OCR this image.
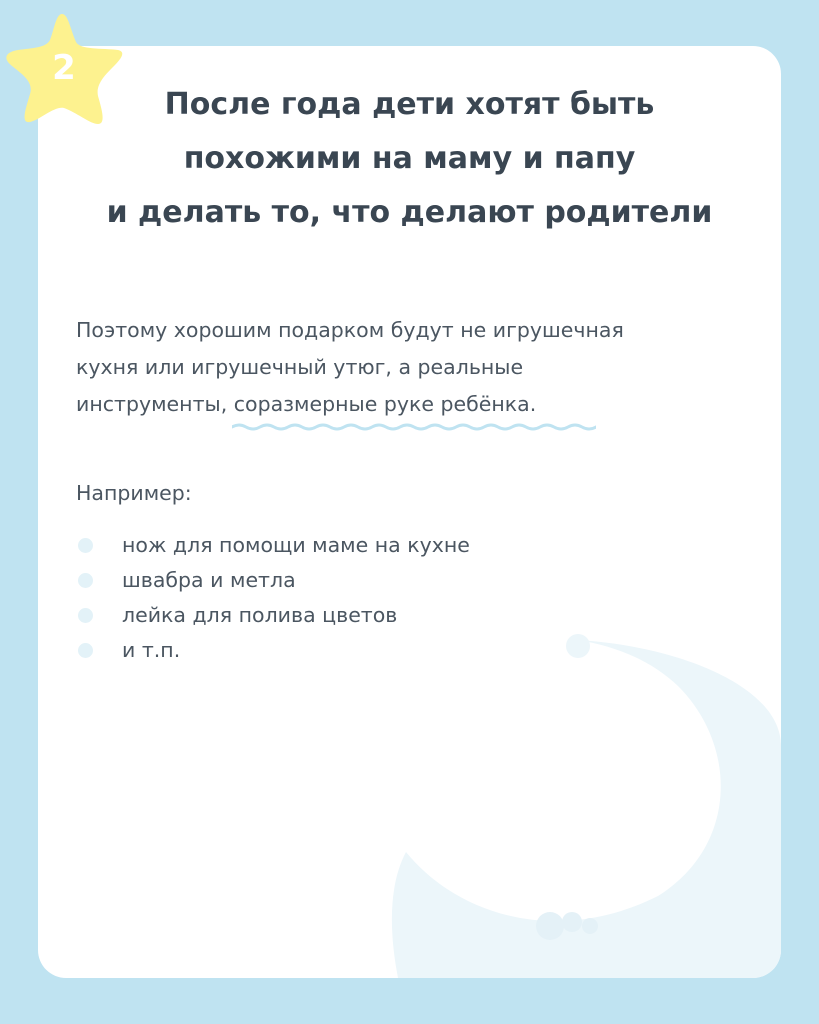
2
После года дети хотят быть
похожими на маму и папу
и делать то, что делают родители
Поэтому хорошим подарком будут не игрушечная
кухня или игрушечный утюг, а реальные
инструменты, соразмерные руке ребёнка.
Например:
нож для помощи маме на кухне
швабра и метла
лейка для полива цветов
и т.п.
